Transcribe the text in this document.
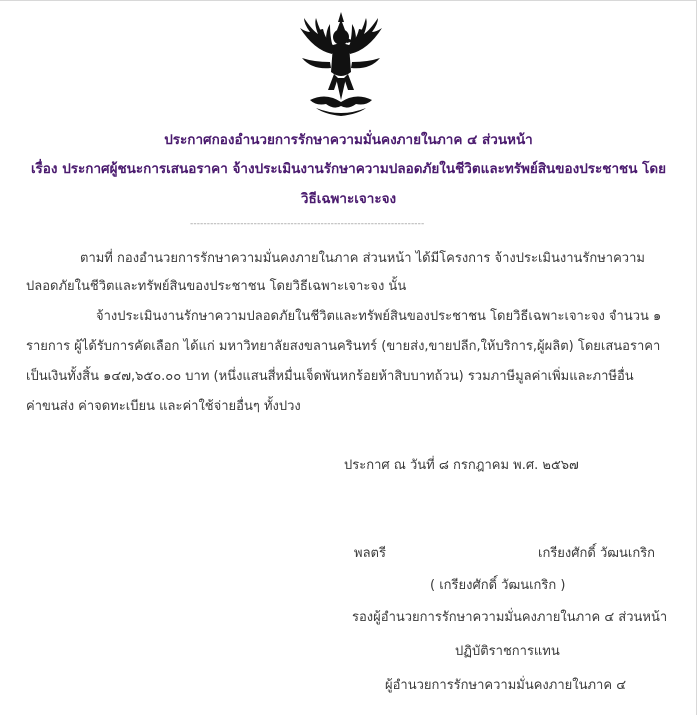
ประกาศกองอำนวยการรักษาความมั่นคงภายในภาค ๔ ส่วนหน้า
เรื่อง ประกาศผู้ชนะการเสนอราคา จ้างประเมินงานรักษาความปลอดภัยในชีวิตและทรัพย์สินของประชาชน โดย
วิธีเฉพาะเจาะจง
----------------------------------------------------------------------
ตามที่ กองอำนวยการรักษาความมั่นคงภายในภาค ส่วนหน้า ได้มีโครงการ จ้างประเมินงานรักษาความ
ปลอดภัยในชีวิตและทรัพย์สินของประชาชน โดยวิธีเฉพาะเจาะจง นั้น
จ้างประเมินงานรักษาความปลอดภัยในชีวิตและทรัพย์สินของประชาชน โดยวิธีเฉพาะเจาะจง จำนวน ๑
รายการ ผู้ได้รับการคัดเลือก ได้แก่ มหาวิทยาลัยสงขลานครินทร์ (ขายส่ง,ขายปลีก,ให้บริการ,ผู้ผลิต) โดยเสนอราคา
เป็นเงินทั้งสิ้น ๑๔๗,๖๕๐.๐๐ บาท (หนึ่งแสนสี่หมื่นเจ็ดพันหกร้อยห้าสิบบาทถ้วน) รวมภาษีมูลค่าเพิ่มและภาษีอื่น
ค่าขนส่ง ค่าจดทะเบียน และค่าใช้จ่ายอื่นๆ ทั้งปวง
ประกาศ ณ วันที่ ๘ กรกฎาคม พ.ศ. ๒๕๖๗
พลตรี	เกรียงศักดิ์ วัฒนเกริก
( เกรียงศักดิ์ วัฒนเกริก )
รองผู้อำนวยการรักษาความมั่นคงภายในภาค ๔ ส่วนหน้า
ปฏิบัติราชการแทน
ผู้อำนวยการรักษาความมั่นคงภายในภาค ๔
